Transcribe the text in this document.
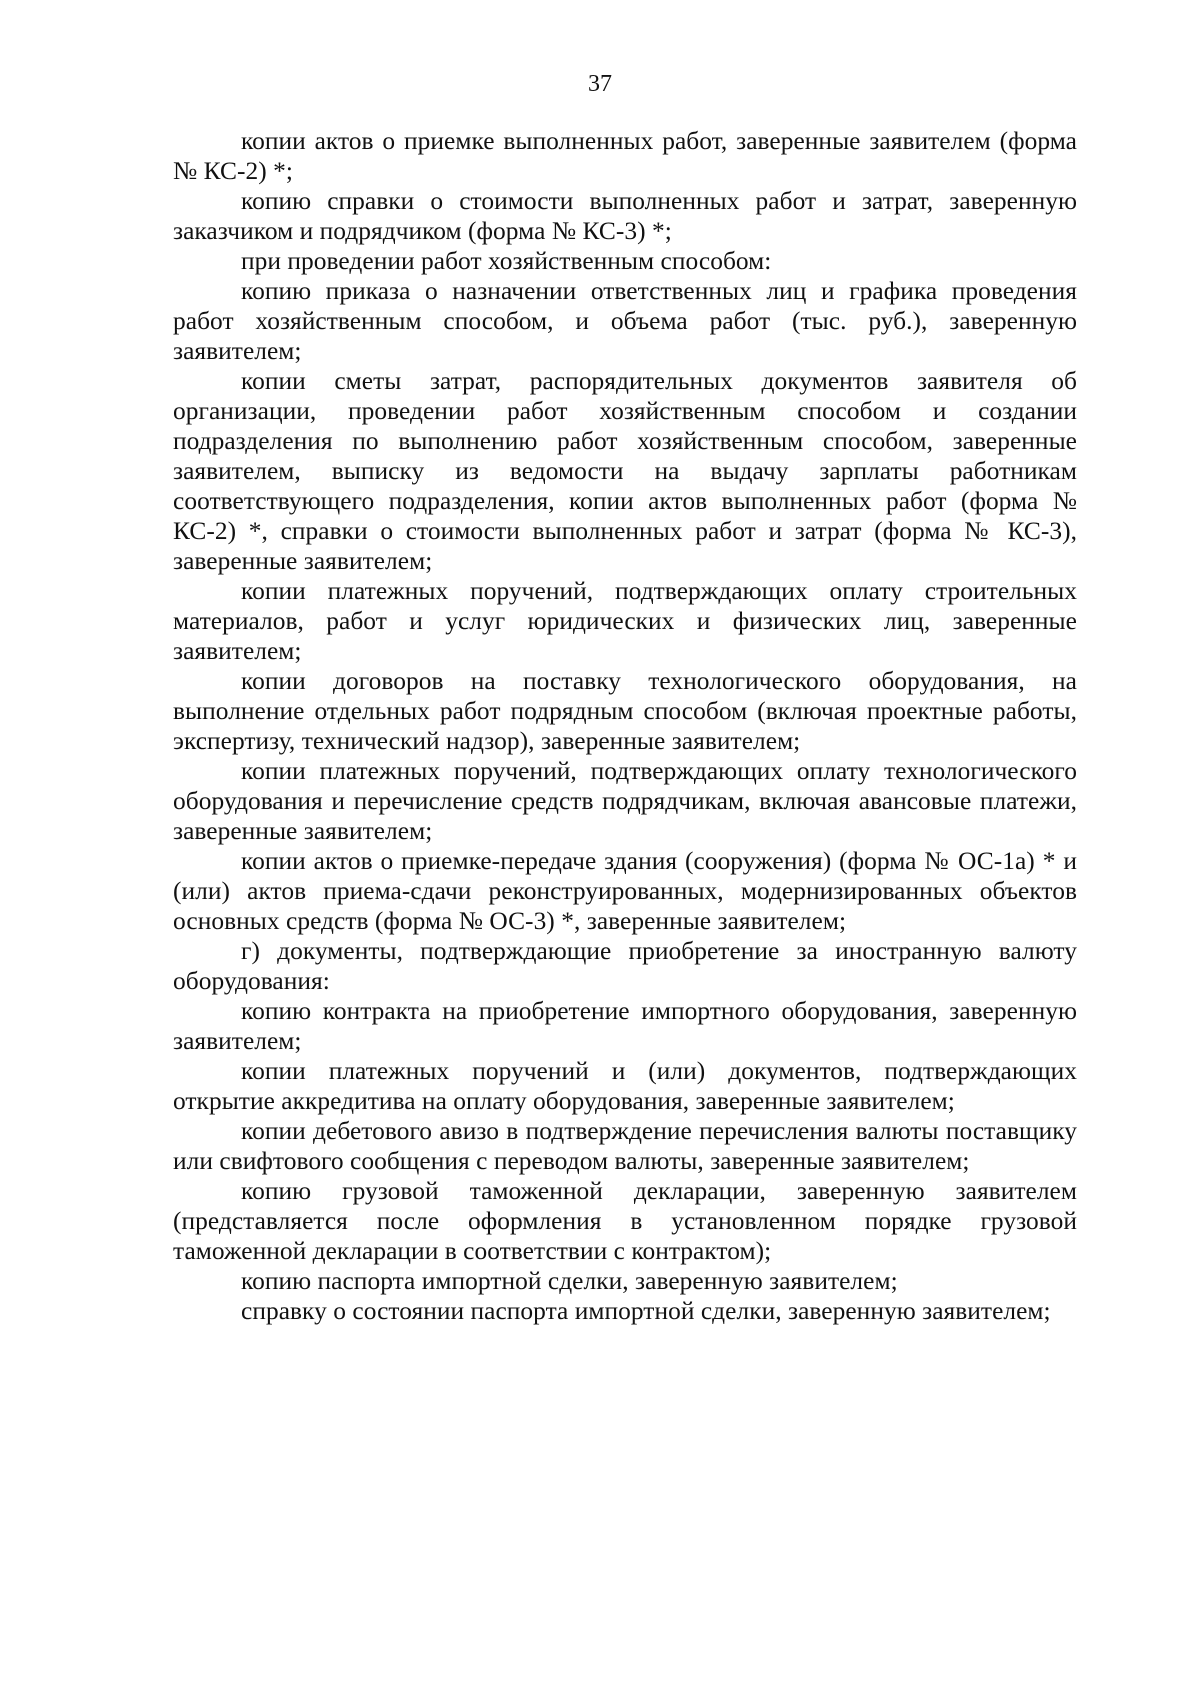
37

копии актов о приемке выполненных работ, заверенные заявителем (форма № КС-2) *;

копию справки о стоимости выполненных работ и затрат, заверенную заказчиком и подрядчиком (форма № КС-3) *;

при проведении работ хозяйственным способом:

копию приказа о назначении ответственных лиц и графика проведения работ хозяйственным способом, и объема работ (тыс. руб.), заверенную заявителем;

копии сметы затрат, распорядительных документов заявителя об организации, проведении работ хозяйственным способом и создании подразделения по выполнению работ хозяйственным способом, заверенные заявителем, выписку из ведомости на выдачу зарплаты работникам соответствующего подразделения, копии актов выполненных работ (форма № КС-2) *, справки о стоимости выполненных работ и затрат (форма № КС-3), заверенные заявителем;

копии платежных поручений, подтверждающих оплату строительных материалов, работ и услуг юридических и физических лиц, заверенные заявителем;

копии договоров на поставку технологического оборудования, на выполнение отдельных работ подрядным способом (включая проектные работы, экспертизу, технический надзор), заверенные заявителем;

копии платежных поручений, подтверждающих оплату технологического оборудования и перечисление средств подрядчикам, включая авансовые платежи, заверенные заявителем;

копии актов о приемке-передаче здания (сооружения) (форма № ОС-1а) * и (или) актов приема-сдачи реконструированных, модернизированных объектов основных средств (форма № ОС-3) *, заверенные заявителем;

г) документы, подтверждающие приобретение за иностранную валюту оборудования:

копию контракта на приобретение импортного оборудования, заверенную заявителем;

копии платежных поручений и (или) документов, подтверждающих открытие аккредитива на оплату оборудования, заверенные заявителем;

копии дебетового авизо в подтверждение перечисления валюты поставщику или свифтового сообщения с переводом валюты, заверенные заявителем;

копию грузовой таможенной декларации, заверенную заявителем (представляется после оформления в установленном порядке грузовой таможенной декларации в соответствии с контрактом);

копию паспорта импортной сделки, заверенную заявителем;

справку о состоянии паспорта импортной сделки, заверенную заявителем;
